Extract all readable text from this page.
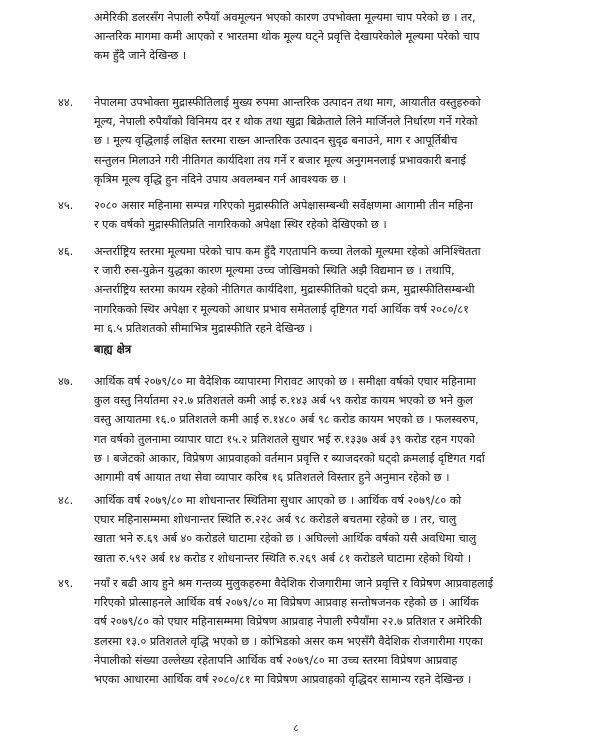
अमेरिकी डलरसँग नेपाली रुपैयाँ अवमूल्यन भएको कारण उपभोक्ता मूल्यमा चाप परेको छ । तर,
आन्तरिक मागमा कमी आएको र भारतमा थोक मूल्य घट्ने प्रवृत्ति देखापरेकोले मूल्यमा परेको चाप
कम हुँदै जाने देखिन्छ ।
४४.	नेपालमा उपभोक्ता मुद्रास्फीतिलाई मुख्य रुपमा आन्तरिक उत्पादन तथा माग, आयातीत वस्तुहरुको
मूल्य, नेपाली रुपैयाँको विनिमय दर र थोक तथा खुद्रा बिक्रेताले लिने मार्जिनले निर्धारण गर्ने गरेको
छ । मूल्य वृद्धिलाई लक्षित स्तरमा राख्न आन्तरिक उत्पादन सुदृढ बनाउने, माग र आपूर्तिबीच
सन्तुलन मिलाउने गरी नीतिगत कार्यदिशा तय गर्ने र बजार मूल्य अनुगमनलाई प्रभावकारी बनाई
कृत्रिम मूल्य वृद्धि हुन नदिने उपाय अवलम्बन गर्न आवश्यक छ ।
४५.	२०८० असार महिनामा सम्पन्न गरिएको मुद्रास्फीति अपेक्षासम्बन्धी सर्वेक्षणमा आगामी तीन महिना
र एक वर्षको मुद्रास्फीतिप्रति नागरिकको अपेक्षा स्थिर रहेको देखिएको छ ।
४६.	अन्तर्राष्ट्रिय स्तरमा मूल्यमा परेको चाप कम हुँदै गएतापनि कच्चा तेलको मूल्यमा रहेको अनिश्चितता
र जारी रुस-युक्रेन युद्धका कारण मूल्यमा उच्च जोखिमको स्थिति अझै विद्यमान छ । तथापि,
अन्तर्राष्ट्रिय स्तरमा कायम रहेको नीतिगत कार्यदिशा, मुद्रास्फीतिको घट्दो क्रम, मुद्रास्फीतिसम्बन्धी
नागरिकको स्थिर अपेक्षा र मूल्यको आधार प्रभाव समेतलाई दृष्टिगत गर्दा आर्थिक वर्ष २०८०/८१
मा ६.५ प्रतिशतको सीमाभित्र मुद्रास्फीति रहने देखिन्छ ।
बाह्य क्षेत्र
४७.	आर्थिक वर्ष २०७९/८० मा वैदेशिक व्यापारमा गिरावट आएको छ । समीक्षा वर्षको एघार महिनामा
कुल वस्तु निर्यातमा २२.७ प्रतिशतले कमी आई रु.१४३ अर्ब ५९ करोड कायम भएको छ भने कुल
वस्तु आयातमा १६.० प्रतिशतले कमी आई रु.१४८० अर्ब ९८ करोड कायम भएको छ । फलस्वरुप,
गत वर्षको तुलनामा व्यापार घाटा १५.२ प्रतिशतले सुधार भई रु.१३३७ अर्ब ३९ करोड रहन गएको
छ । बजेटको आकार, विप्रेषण आप्रवाहको वर्तमान प्रवृत्ति र ब्याजदरको घट्दो क्रमलाई दृष्टिगत गर्दा
आगामी वर्ष आयात तथा सेवा व्यापार करिब १६ प्रतिशतले विस्तार हुने अनुमान रहेको छ ।
४८.	आर्थिक वर्ष २०७९/८० मा शोधनान्तर स्थितिमा सुधार आएको छ । आर्थिक वर्ष २०७९/८० को
एघार महिनासम्ममा शोधनान्तर स्थिति रु.२२८ अर्ब ९८ करोडले बचतमा रहेको छ । तर, चालु
खाता भने रु.६९ अर्ब ४० करोडले घाटामा रहेको छ । अघिल्लो आर्थिक वर्षको यसै अवधिमा चालु
खाता रु.५९२ अर्ब १४ करोड र शोधनान्तर स्थिति रु.२६९ अर्ब ८१ करोडले घाटामा रहेको थियो ।
४९.	नयाँ र बढी आय हुने श्रम गन्तव्य मुलुकहरुमा वैदेशिक रोजगारीमा जाने प्रवृत्ति र विप्रेषण आप्रवाहलाई
गरिएको प्रोत्साहनले आर्थिक वर्ष २०७९/८० मा विप्रेषण आप्रवाह सन्तोषजनक रहेको छ । आर्थिक
वर्ष २०७९/८० को एघार महिनासम्ममा विप्रेषण आप्रवाह नेपाली रुपैयाँमा २२.७ प्रतिशत र अमेरिकी
डलरमा १३.० प्रतिशतले वृद्धि भएको छ । कोभिडको असर कम भएसँगै वैदेशिक रोजगारीमा गएका
नेपालीको संख्या उल्लेख्य रहेतापनि आर्थिक वर्ष २०७९/८० मा उच्च स्तरमा विप्रेषण आप्रवाह
भएका आधारमा आर्थिक वर्ष २०८०/८१ मा विप्रेषण आप्रवाहको वृद्धिदर सामान्य रहने देखिन्छ ।
८
